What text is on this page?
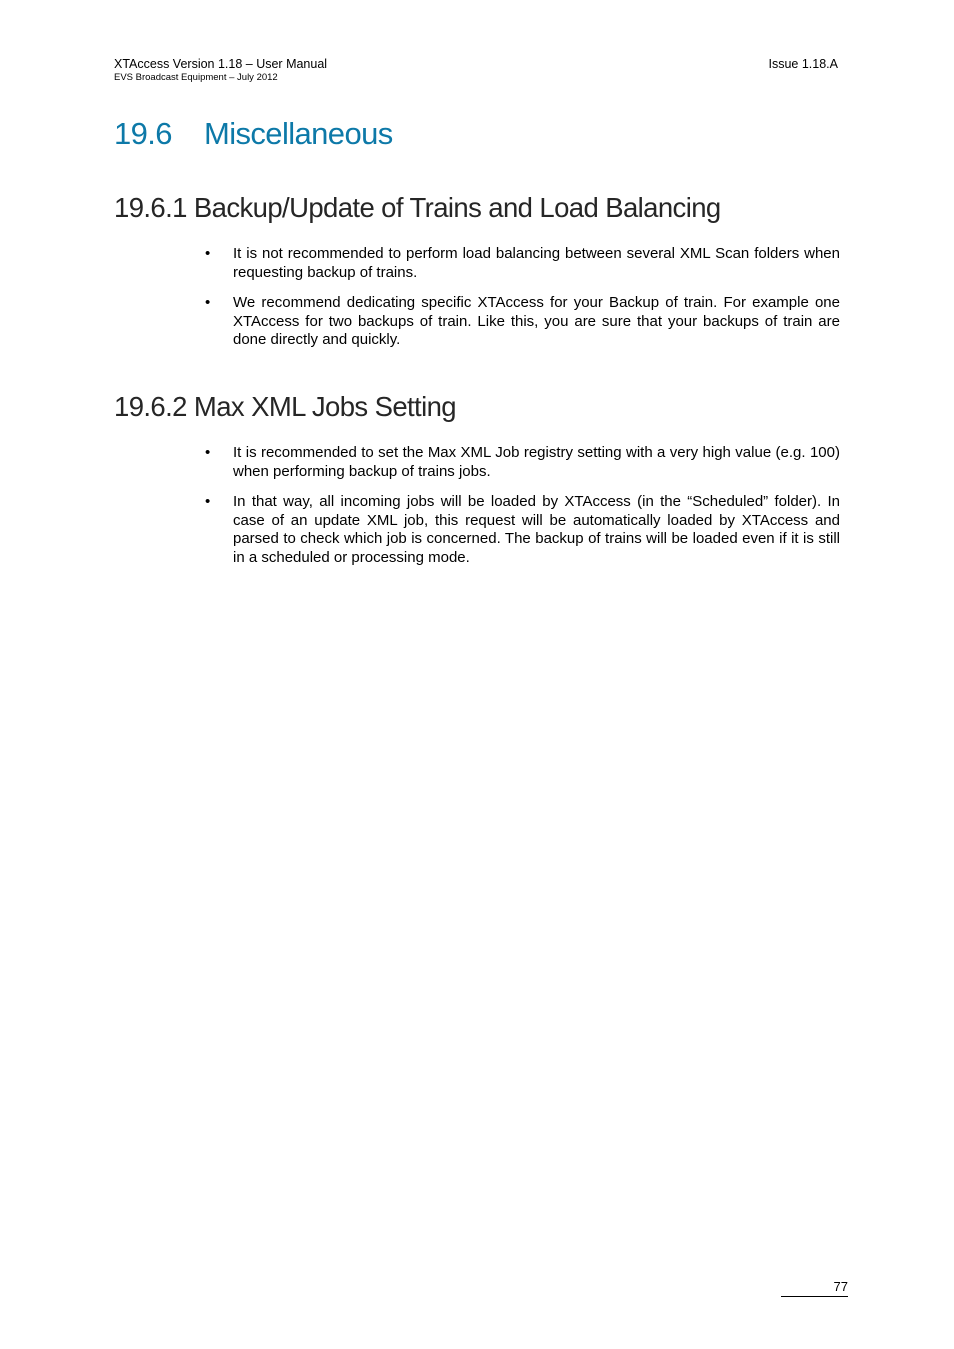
XTAccess Version 1.18 – User Manual
EVS Broadcast Equipment – July 2012
Issue 1.18.A
19.6 Miscellaneous
19.6.1 Backup/Update of Trains and Load Balancing
• It is not recommended to perform load balancing between several XML Scan folders when requesting backup of trains.
• We recommend dedicating specific XTAccess for your Backup of train. For example one XTAccess for two backups of train. Like this, you are sure that your backups of train are done directly and quickly.
19.6.2 Max XML Jobs Setting
• It is recommended to set the Max XML Job registry setting with a very high value (e.g. 100) when performing backup of trains jobs.
• In that way, all incoming jobs will be loaded by XTAccess (in the “Scheduled” folder). In case of an update XML job, this request will be automatically loaded by XTAccess and parsed to check which job is concerned. The backup of trains will be loaded even if it is still in a scheduled or processing mode.
77
